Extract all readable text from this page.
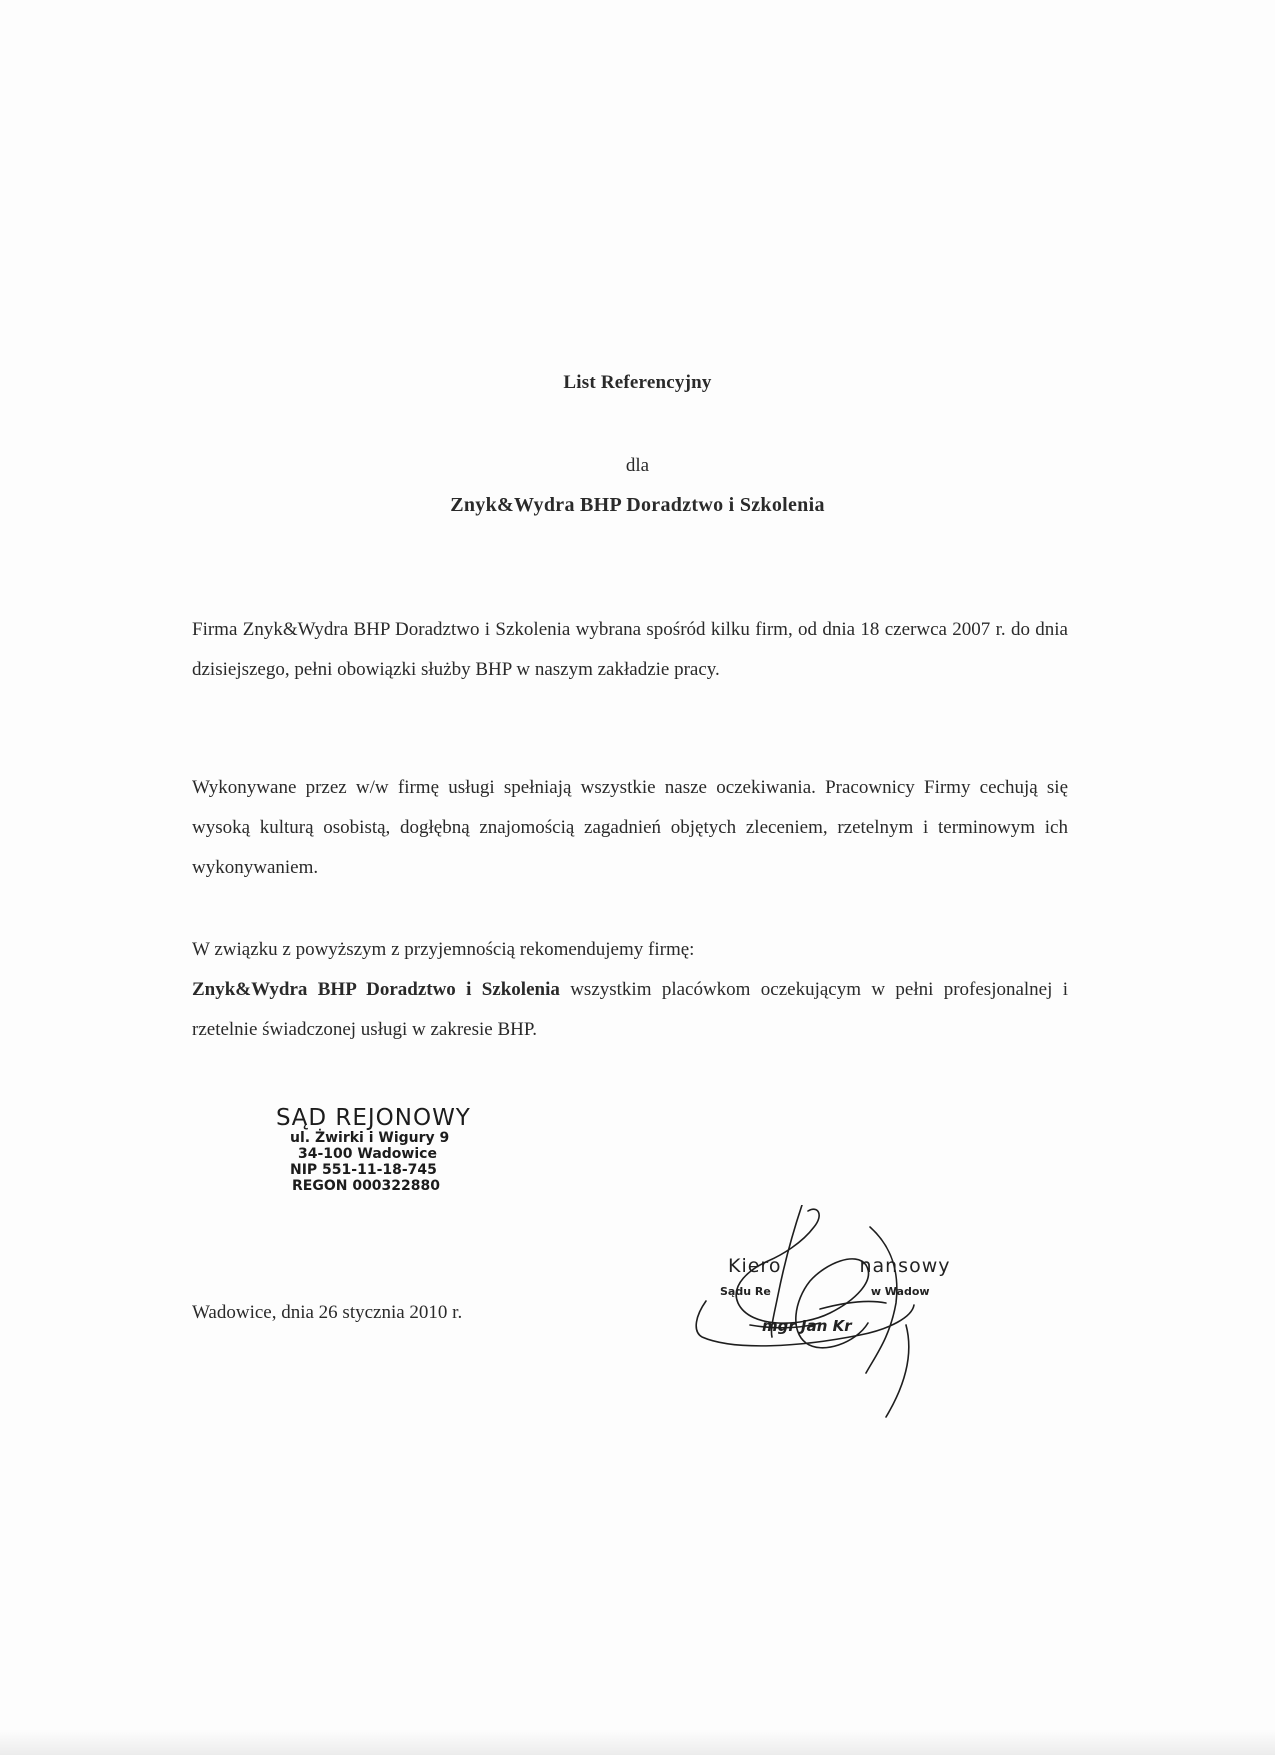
List Referencyjny
dla
Znyk&Wydra BHP Doradztwo i Szkolenia
Firma Znyk&Wydra BHP Doradztwo i Szkolenia wybrana spośród kilku firm, od dnia 18 czerwca 2007 r. do dnia dzisiejszego, pełni obowiązki służby BHP w naszym zakładzie pracy.
Wykonywane przez w/w firmę usługi spełniają wszystkie nasze oczekiwania. Pracownicy Firmy cechują się wysoką kulturą osobistą, dogłębną znajomością zagadnień objętych zleceniem, rzetelnym i terminowym ich wykonywaniem.
W związku z powyższym z przyjemnością rekomendujemy firmę:
Znyk&Wydra BHP Doradztwo i Szkolenia wszystkim placówkom oczekującym w pełni profesjonalnej i rzetelnie świadczonej usługi w zakresie BHP.
SĄD REJONOWY
ul. Żwirki i Wigury 9
34-100 Wadowice
NIP 551-11-18-745
REGON 000322880
Wadowice, dnia 26 stycznia 2010 r.
Kiero	nansowy
Sądu Re	w Wadow
mgr Jan Kr
